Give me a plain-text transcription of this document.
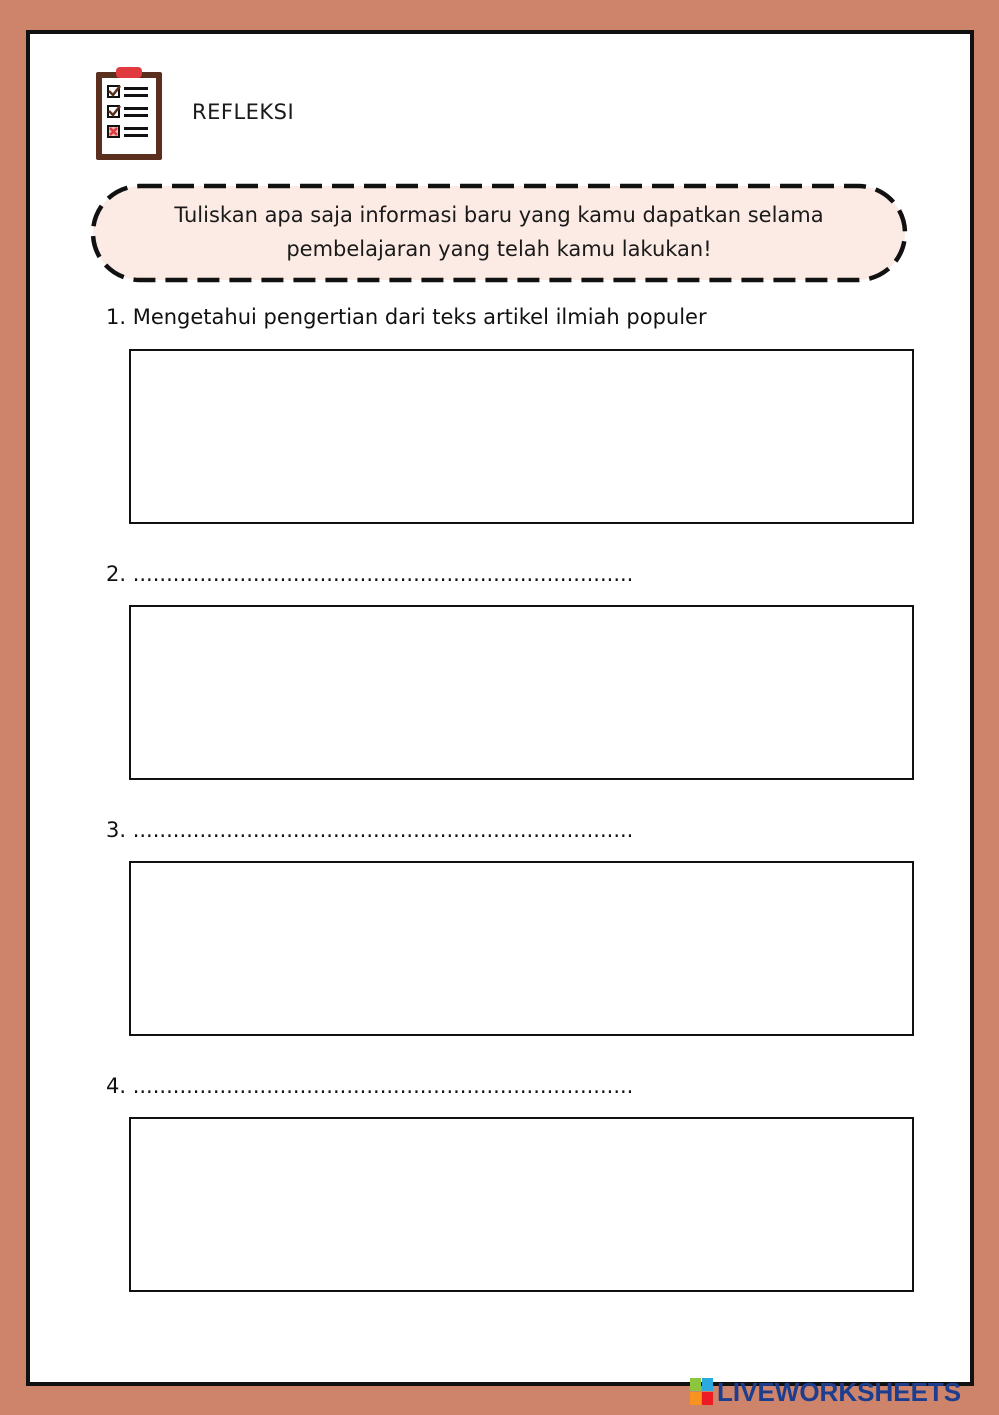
REFLEKSI
Tuliskan apa saja informasi baru yang kamu dapatkan selama
pembelajaran yang telah kamu lakukan!
1. Mengetahui pengertian dari teks artikel ilmiah populer
2. ...........................................................................
3. ...........................................................................
4. ...........................................................................
LIVEWORKSHEETS
